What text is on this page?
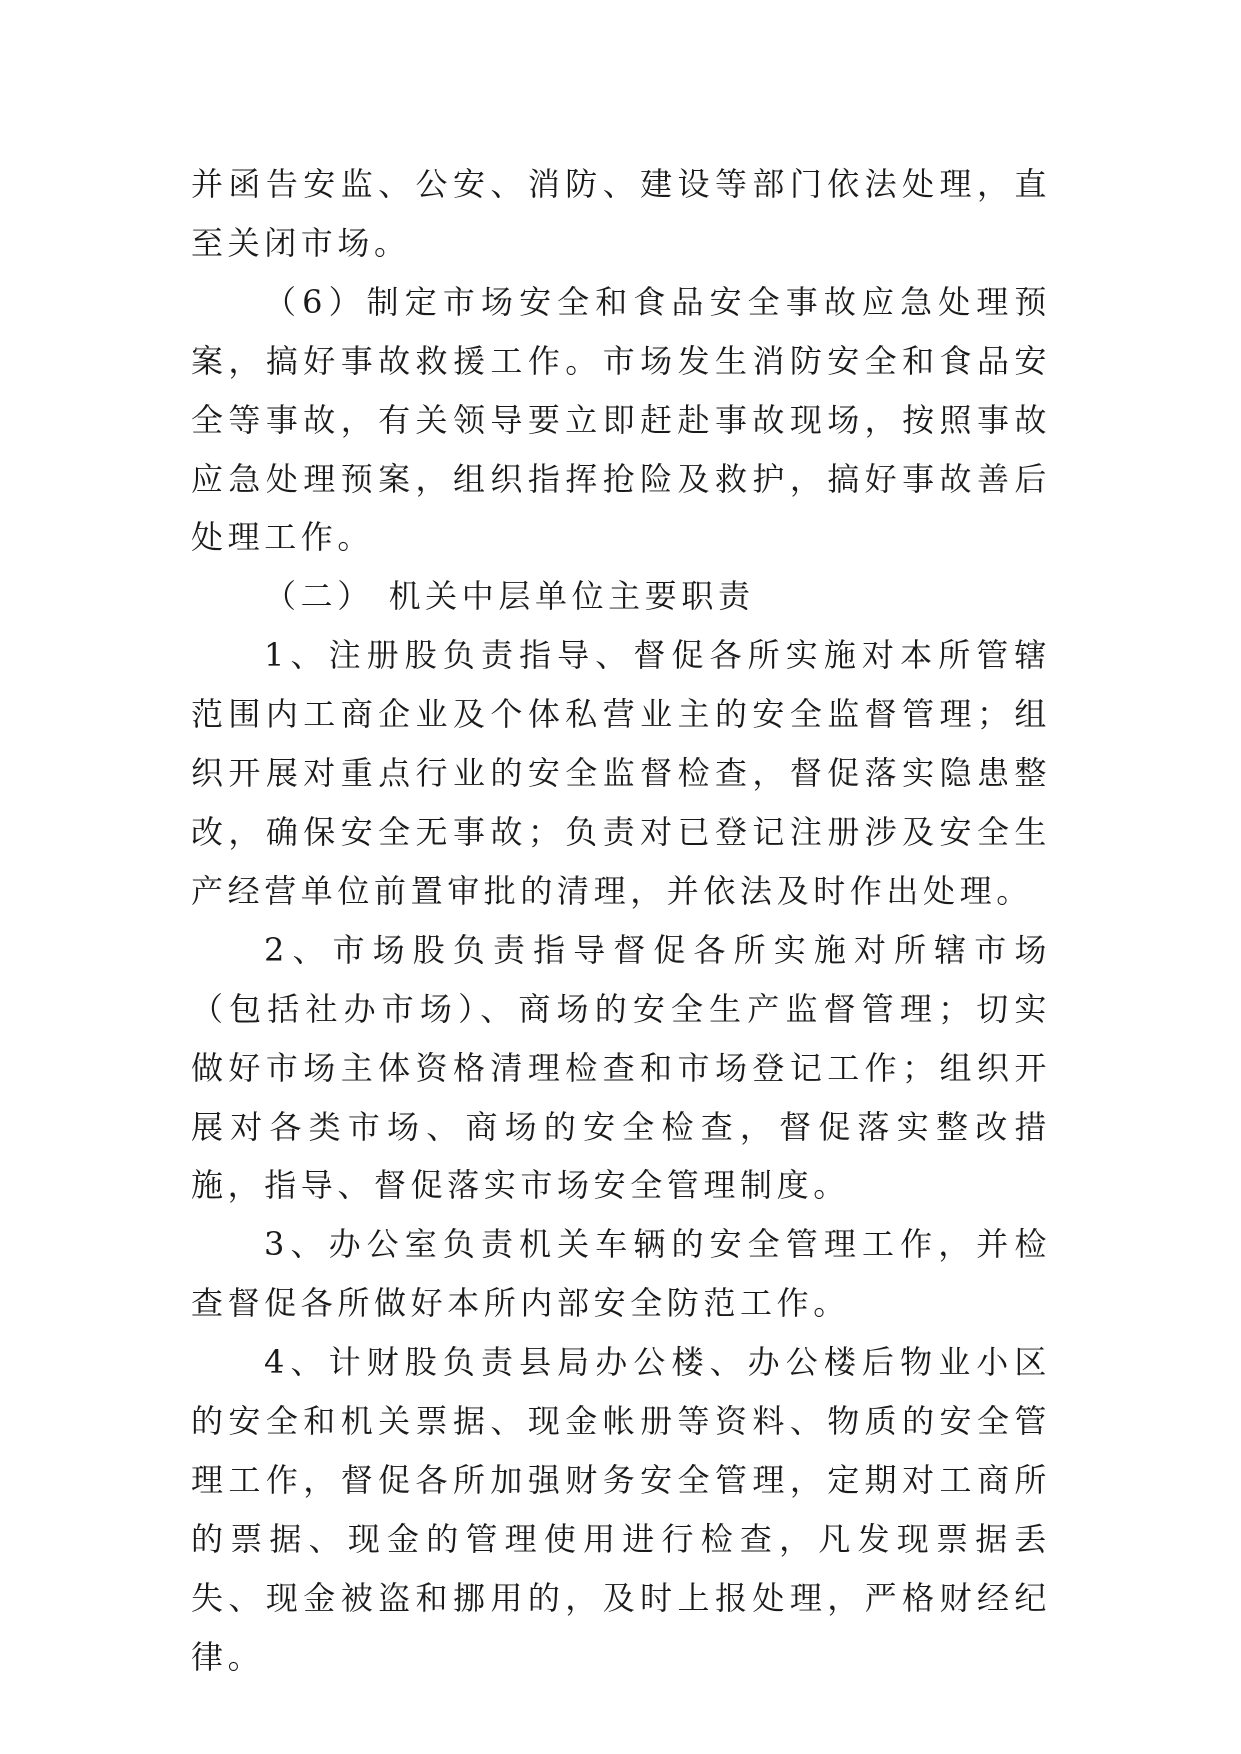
并函告安监、公安、消防、建设等部门依法处理，直至关闭市场。

（6）制定市场安全和食品安全事故应急处理预案，搞好事故救援工作。市场发生消防安全和食品安全等事故，有关领导要立即赶赴事故现场，按照事故应急处理预案，组织指挥抢险及救护，搞好事故善后处理工作。

（二） 机关中层单位主要职责

1、注册股负责指导、督促各所实施对本所管辖范围内工商企业及个体私营业主的安全监督管理；组织开展对重点行业的安全监督检查，督促落实隐患整改，确保安全无事故；负责对已登记注册涉及安全生产经营单位前置审批的清理，并依法及时作出处理。

2、市场股负责指导督促各所实施对所辖市场（包括社办市场）、商场的安全生产监督管理；切实做好市场主体资格清理检查和市场登记工作；组织开展对各类市场、商场的安全检查，督促落实整改措施，指导、督促落实市场安全管理制度。

3、办公室负责机关车辆的安全管理工作，并检查督促各所做好本所内部安全防范工作。

4、计财股负责县局办公楼、办公楼后物业小区的安全和机关票据、现金帐册等资料、物质的安全管理工作，督促各所加强财务安全管理，定期对工商所的票据、现金的管理使用进行检查，凡发现票据丢失、现金被盗和挪用的，及时上报处理，严格财经纪律。
